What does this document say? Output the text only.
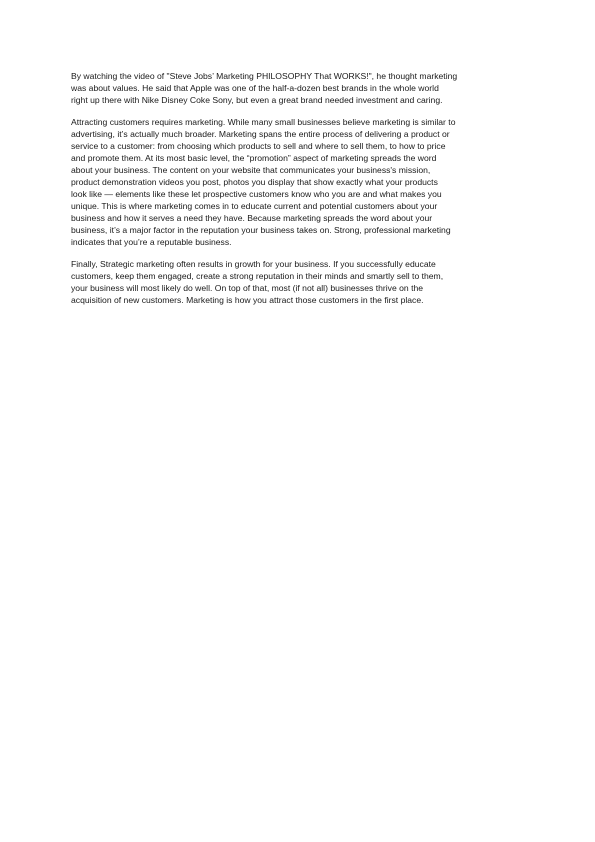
By watching the video of "Steve Jobs’ Marketing PHILOSOPHY That WORKS!", he thought marketing
was about values. He said that Apple was one of the half-a-dozen best brands in the whole world
right up there with Nike Disney Coke Sony, but even a great brand needed investment and caring.

Attracting customers requires marketing. While many small businesses believe marketing is similar to
advertising, it’s actually much broader. Marketing spans the entire process of delivering a product or
service to a customer: from choosing which products to sell and where to sell them, to how to price
and promote them. At its most basic level, the “promotion” aspect of marketing spreads the word
about your business. The content on your website that communicates your business's mission,
product demonstration videos you post, photos you display that show exactly what your products
look like — elements like these let prospective customers know who you are and what makes you
unique. This is where marketing comes in to educate current and potential customers about your
business and how it serves a need they have. Because marketing spreads the word about your
business, it’s a major factor in the reputation your business takes on. Strong, professional marketing
indicates that you’re a reputable business.

Finally, Strategic marketing often results in growth for your business. If you successfully educate
customers, keep them engaged, create a strong reputation in their minds and smartly sell to them,
your business will most likely do well. On top of that, most (if not all) businesses thrive on the
acquisition of new customers. Marketing is how you attract those customers in the first place.
